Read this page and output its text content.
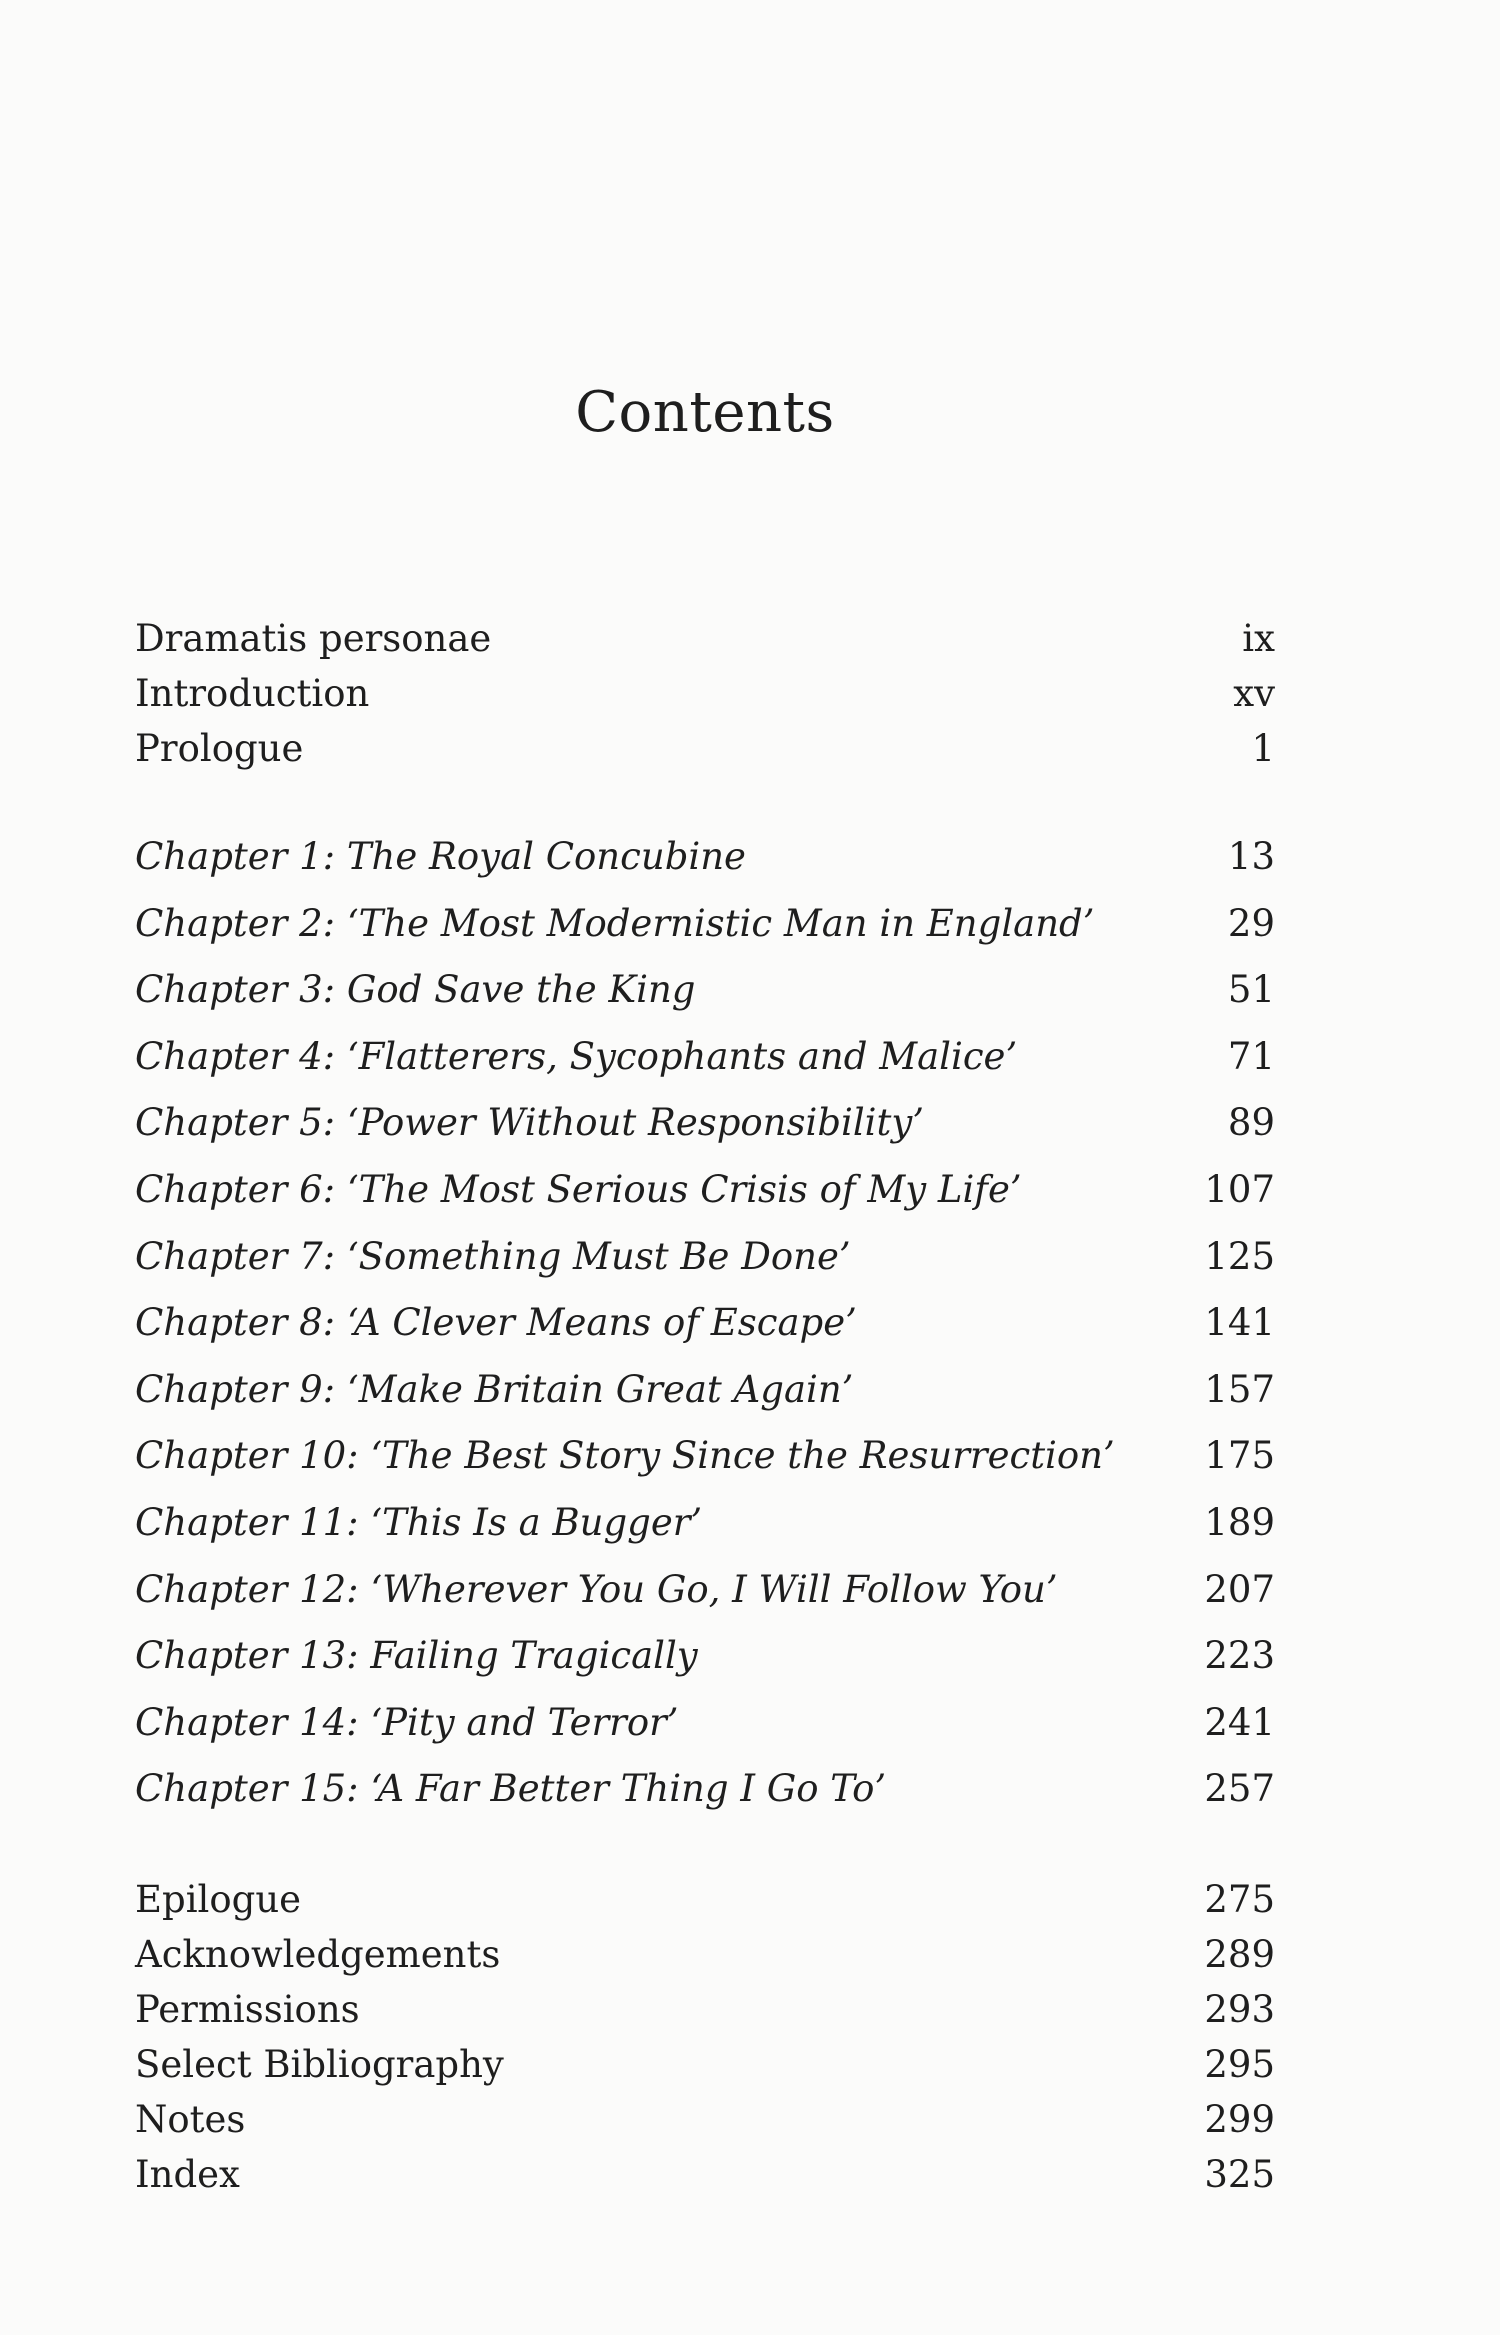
Contents
Dramatis personae	ix
Introduction	xv
Prologue	1
Chapter 1: The Royal Concubine	13
Chapter 2: ‘The Most Modernistic Man in England’	29
Chapter 3: God Save the King	51
Chapter 4: ‘Flatterers, Sycophants and Malice’	71
Chapter 5: ‘Power Without Responsibility’	89
Chapter 6: ‘The Most Serious Crisis of My Life’	107
Chapter 7: ‘Something Must Be Done’	125
Chapter 8: ‘A Clever Means of Escape’	141
Chapter 9: ‘Make Britain Great Again’	157
Chapter 10: ‘The Best Story Since the Resurrection’ 175
Chapter 11: ‘This Is a Bugger’	189
Chapter 12: ‘Wherever You Go, I Will Follow You’	207
Chapter 13: Failing Tragically	223
Chapter 14: ‘Pity and Terror’	241
Chapter 15: ‘A Far Better Thing I Go To’	257
Epilogue	275
Acknowledgements	289
Permissions	293
Select Bibliography	295
Notes	299
Index	325
